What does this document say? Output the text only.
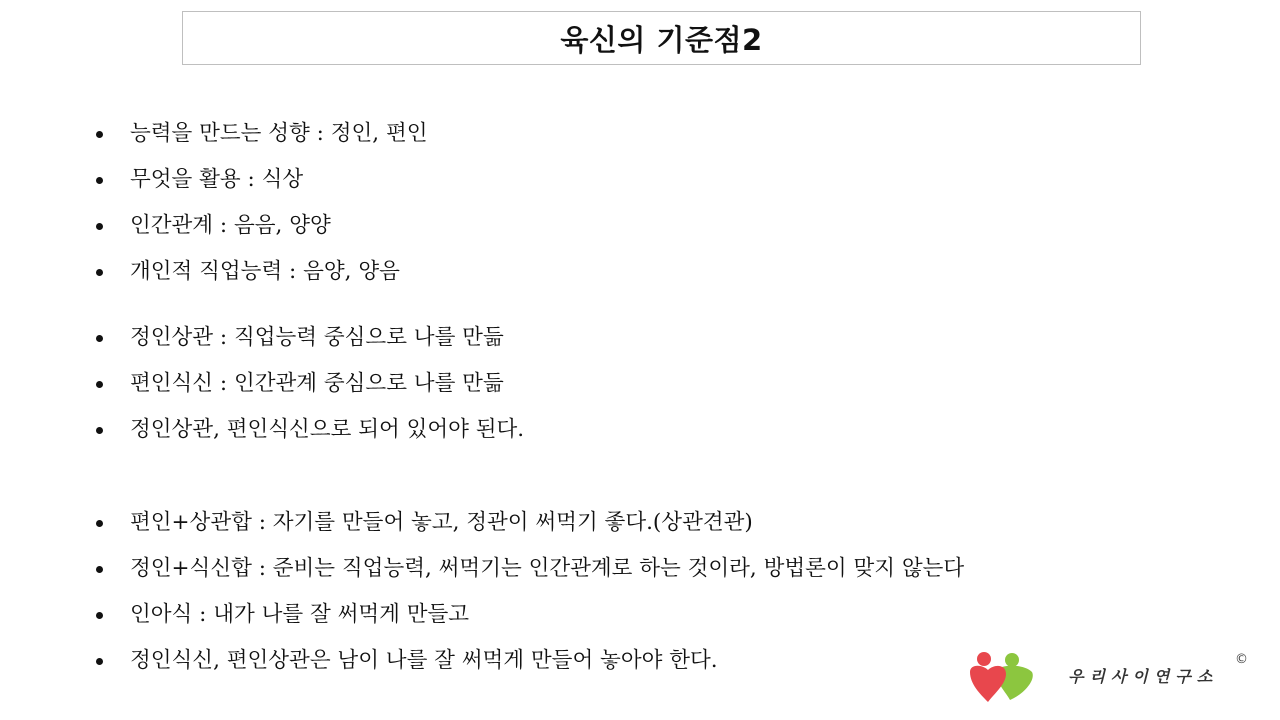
육신의 기준점2
능력을 만드는 성향 : 정인, 편인
무엇을 활용 : 식상
인간관계 : 음음, 양양
개인적 직업능력 : 음양, 양음
정인상관 : 직업능력 중심으로 나를 만듦
편인식신 : 인간관계 중심으로 나를 만듦
정인상관, 편인식신으로 되어 있어야 된다.
편인+상관합 : 자기를 만들어 놓고, 정관이 써먹기 좋다.(상관견관)
정인+식신합 : 준비는 직업능력, 써먹기는 인간관계로 하는 것이라, 방법론이 맞지 않는다
인아식 : 내가 나를 잘 써먹게 만들고
정인식신, 편인상관은 남이 나를 잘 써먹게 만들어 놓아야 한다.
우리사이연구소
©
